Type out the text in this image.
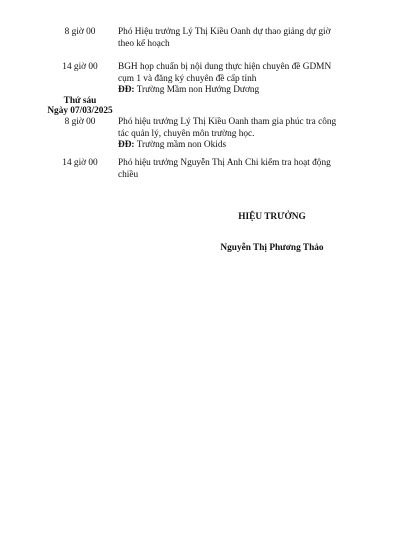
8 giờ 00	Phó Hiệu trưởng Lý Thị Kiều Oanh dự thao giảng dự giờ
theo kế hoạch
14 giờ 00	BGH họp chuẩn bị nội dung thực hiện chuyên đề GDMN
cụm 1 và đăng ký chuyên đề cấp tỉnh
ĐĐ: Trường Mầm non Hướng Dương
Thứ sáu
Ngày 07/03/2025
8 giờ 00	Phó hiệu trưởng Lý Thị Kiều Oanh tham gia phúc tra công
tác quản lý, chuyên môn trường học.
ĐĐ: Trường mầm non Okids
14 giờ 00	Phó hiệu trưởng Nguyễn Thị Anh Chi kiểm tra hoạt động
chiều
HIỆU TRƯỞNG
Nguyễn Thị Phương Thảo
